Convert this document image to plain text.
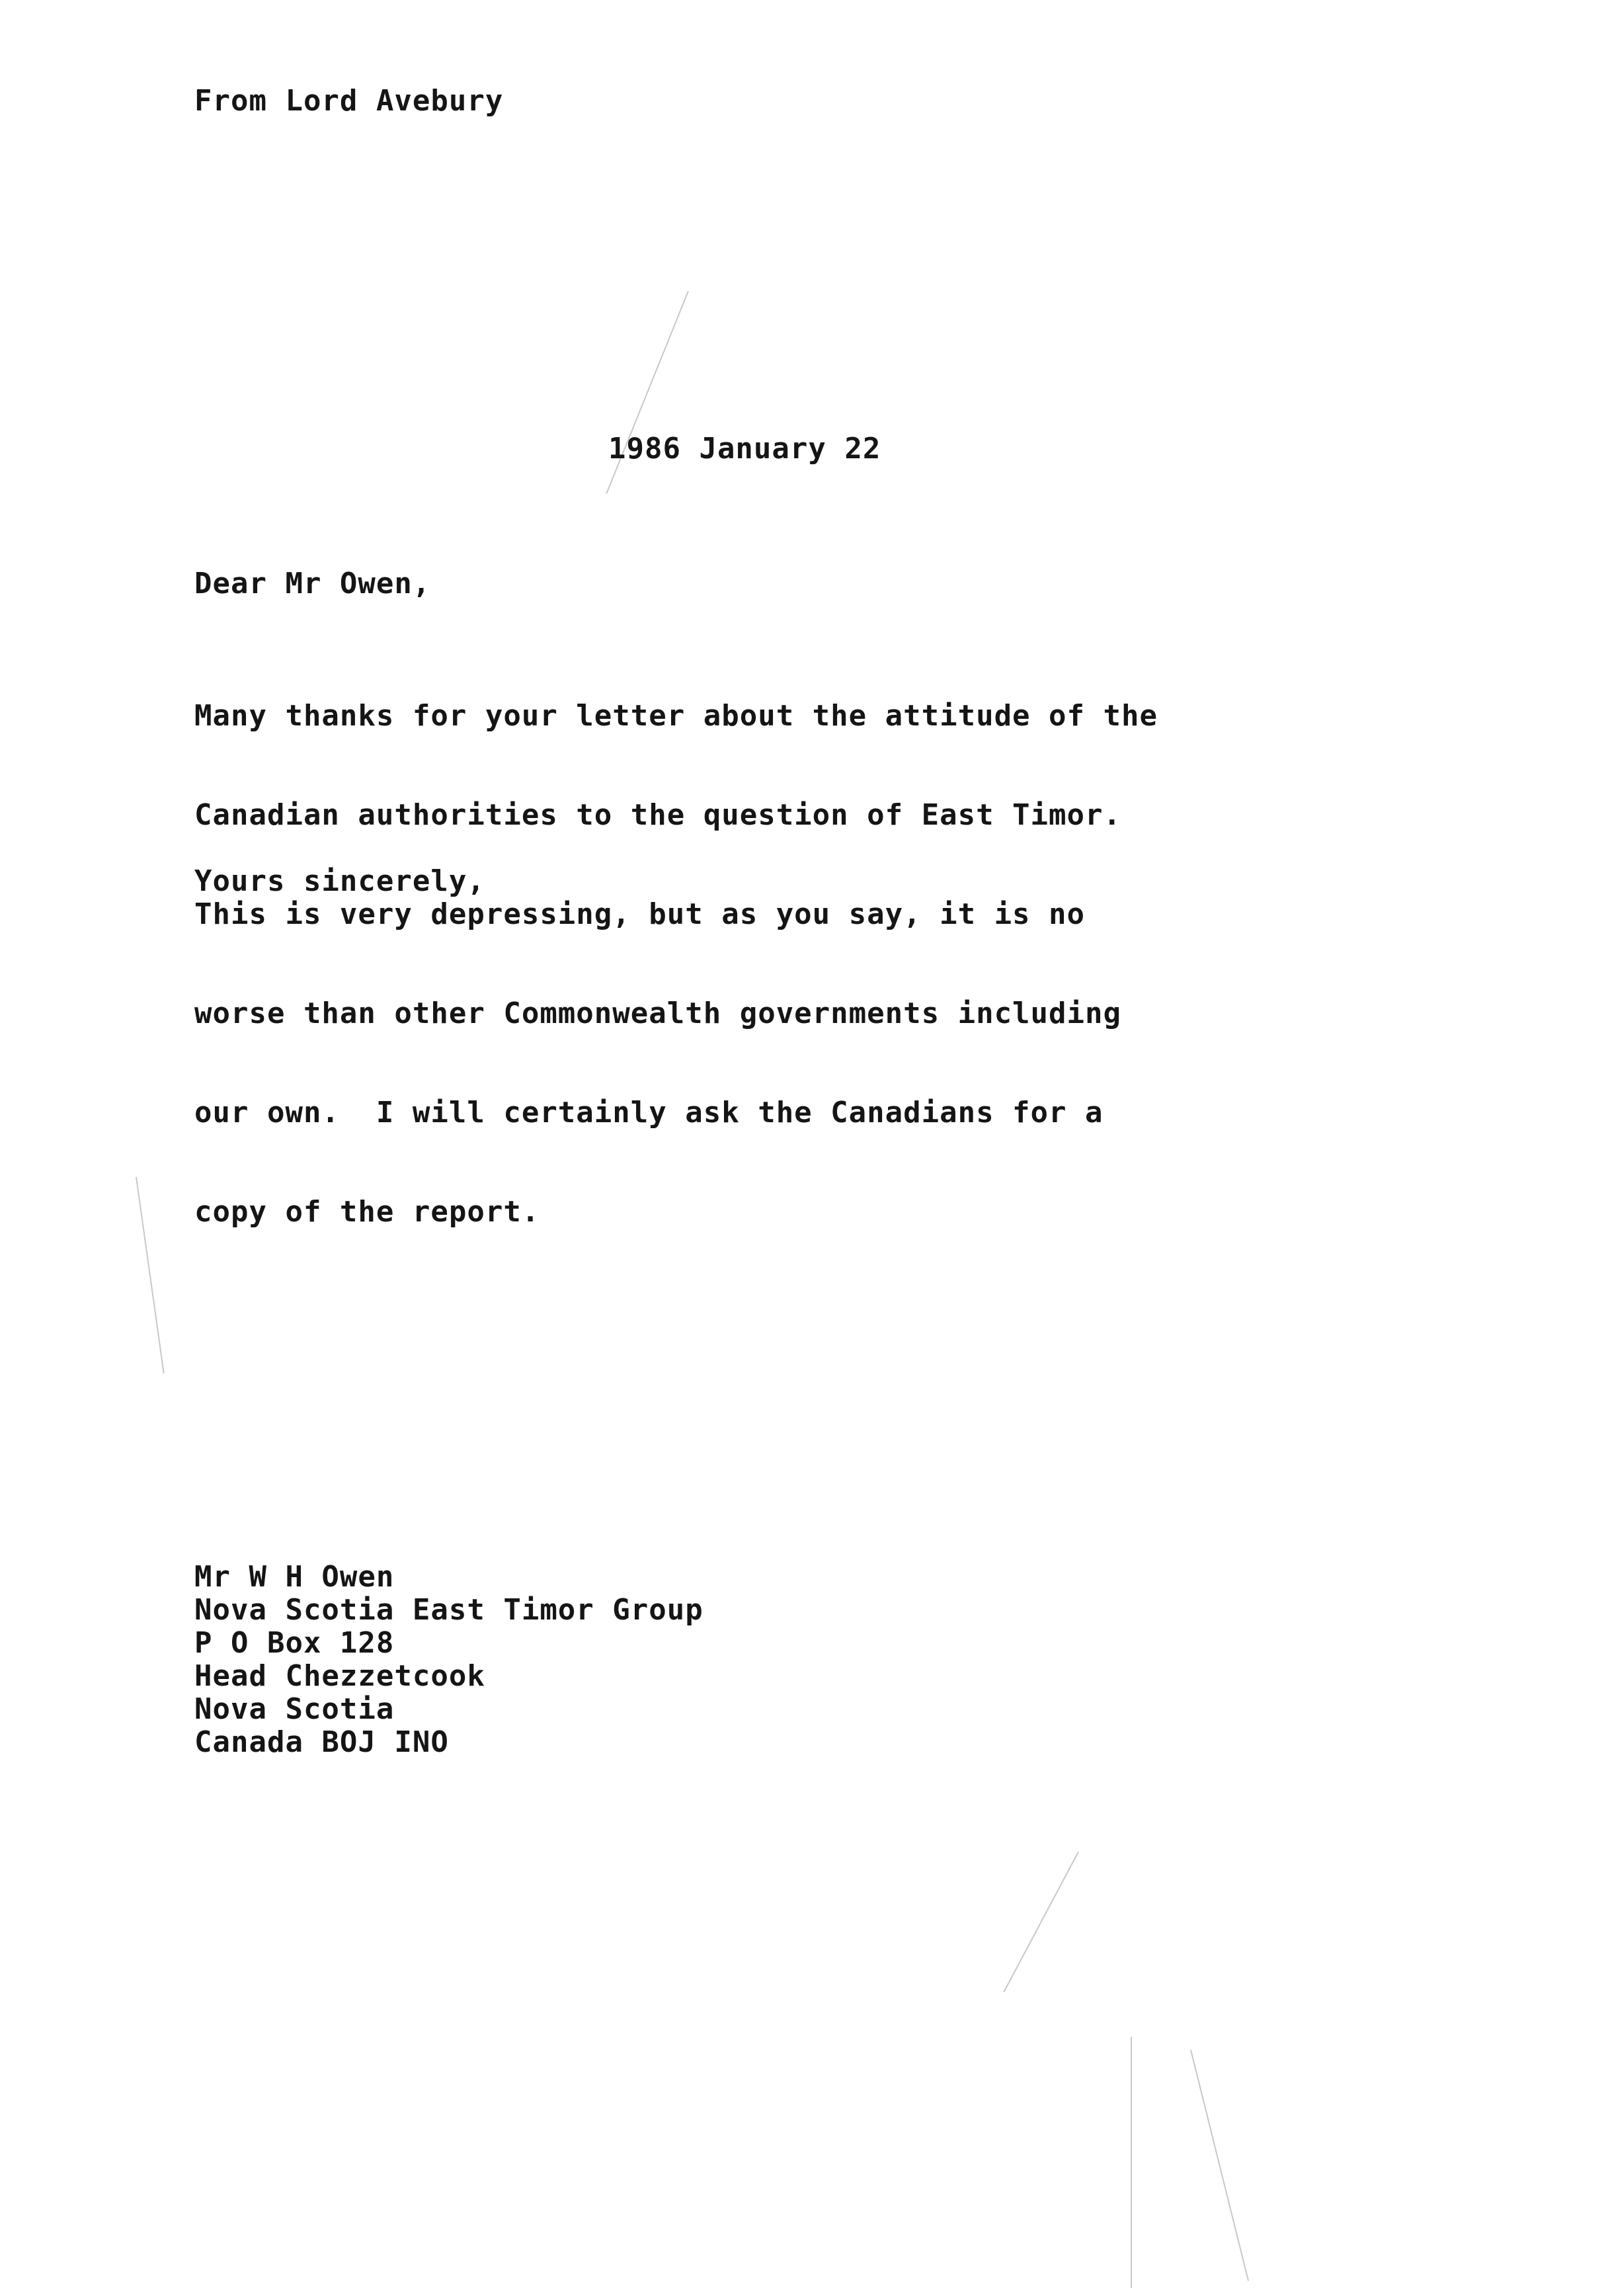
From Lord Avebury
1986 January 22
Dear Mr Owen,

Many thanks for your letter about the attitude of the

Canadian authorities to the question of East Timor.

This is very depressing, but as you say, it is no

worse than other Commonwealth governments including

our own.  I will certainly ask the Canadians for a

copy of the report.

Yours sincerely,
Mr W H Owen
Nova Scotia East Timor Group
P O Box 128
Head Chezzetcook
Nova Scotia
Canada BOJ INO
